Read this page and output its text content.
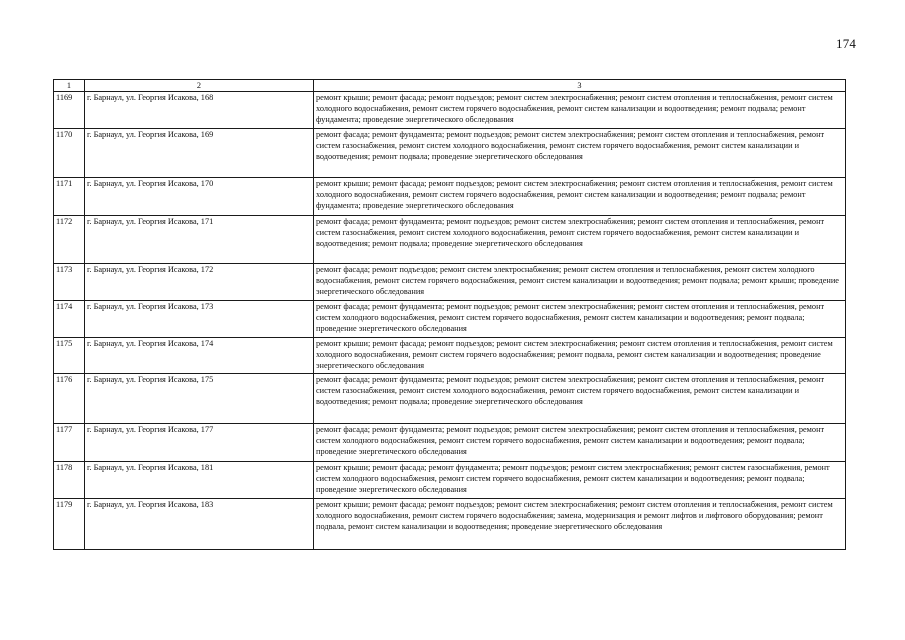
174
1	2	3
1169	г. Барнаул, ул. Георгия Исакова, 168	ремонт крыши; ремонт фасада; ремонт подъездов; ремонт систем электроснабжения; ремонт систем отопления и теплоснабжения, ремонт систем холодного водоснабжения, ремонт систем горячего водоснабжения, ремонт систем канализации и водоотведения; ремонт подвала; ремонт фундамента; проведение энергетического обследования
1170	г. Барнаул, ул. Георгия Исакова, 169	ремонт фасада; ремонт фундамента; ремонт подъездов; ремонт систем электроснабжения; ремонт систем отопления и теплоснабжения, ремонт систем газоснабжения, ремонт систем холодного водоснабжения, ремонт систем горячего водоснабжения, ремонт систем канализации и водоотведения; ремонт подвала; проведение энергетического обследования
1171	г. Барнаул, ул. Георгия Исакова, 170	ремонт крыши; ремонт фасада; ремонт подъездов; ремонт систем электроснабжения; ремонт систем отопления и теплоснабжения, ремонт систем холодного водоснабжения, ремонт систем горячего водоснабжения, ремонт систем канализации и водоотведения; ремонт подвала; ремонт фундамента; проведение энергетического обследования
1172	г. Барнаул, ул. Георгия Исакова, 171	ремонт фасада; ремонт фундамента; ремонт подъездов; ремонт систем электроснабжения; ремонт систем отопления и теплоснабжения, ремонт систем газоснабжения, ремонт систем холодного водоснабжения, ремонт систем горячего водоснабжения, ремонт систем канализации и водоотведения; ремонт подвала; проведение энергетического обследования
1173	г. Барнаул, ул. Георгия Исакова, 172	ремонт фасада; ремонт подъездов; ремонт систем электроснабжения; ремонт систем отопления и теплоснабжения, ремонт систем холодного водоснабжения, ремонт систем горячего водоснабжения, ремонт систем канализации и водоотведения; ремонт подвала; ремонт крыши; проведение энергетического обследования
1174	г. Барнаул, ул. Георгия Исакова, 173	ремонт фасада; ремонт фундамента; ремонт подъездов; ремонт систем электроснабжения; ремонт систем отопления и теплоснабжения, ремонт систем холодного водоснабжения, ремонт систем горячего водоснабжения, ремонт систем канализации и водоотведения; ремонт подвала; проведение энергетического обследования
1175	г. Барнаул, ул. Георгия Исакова, 174	ремонт крыши; ремонт фасада; ремонт подъездов; ремонт систем электроснабжения; ремонт систем отопления и теплоснабжения, ремонт систем холодного водоснабжения, ремонт систем горячего водоснабжения; ремонт подвала, ремонт систем канализации и водоотведения; проведение энергетического обследования
1176	г. Барнаул, ул. Георгия Исакова, 175	ремонт фасада; ремонт фундамента; ремонт подъездов; ремонт систем электроснабжения; ремонт систем отопления и теплоснабжения, ремонт систем газоснабжения, ремонт систем холодного водоснабжения, ремонт систем горячего водоснабжения, ремонт систем канализации и водоотведения; ремонт подвала; проведение энергетического обследования
1177	г. Барнаул, ул. Георгия Исакова, 177	ремонт фасада; ремонт фундамента; ремонт подъездов; ремонт систем электроснабжения; ремонт систем отопления и теплоснабжения, ремонт систем холодного водоснабжения, ремонт систем горячего водоснабжения, ремонт систем канализации и водоотведения; ремонт подвала; проведение энергетического обследования
1178	г. Барнаул, ул. Георгия Исакова, 181	ремонт крыши; ремонт фасада; ремонт фундамента; ремонт подъездов; ремонт систем электроснабжения; ремонт систем газоснабжения, ремонт систем холодного водоснабжения, ремонт систем горячего водоснабжения, ремонт систем канализации и водоотведения; ремонт подвала; проведение энергетического обследования
1179	г. Барнаул, ул. Георгия Исакова, 183	ремонт крыши; ремонт фасада; ремонт подъездов; ремонт систем электроснабжения; ремонт систем отопления и теплоснабжения, ремонт систем холодного водоснабжения, ремонт систем горячего водоснабжения; замена, модернизация и ремонт лифтов и лифтового оборудования; ремонт подвала, ремонт систем канализации и водоотведения; проведение энергетического обследования
